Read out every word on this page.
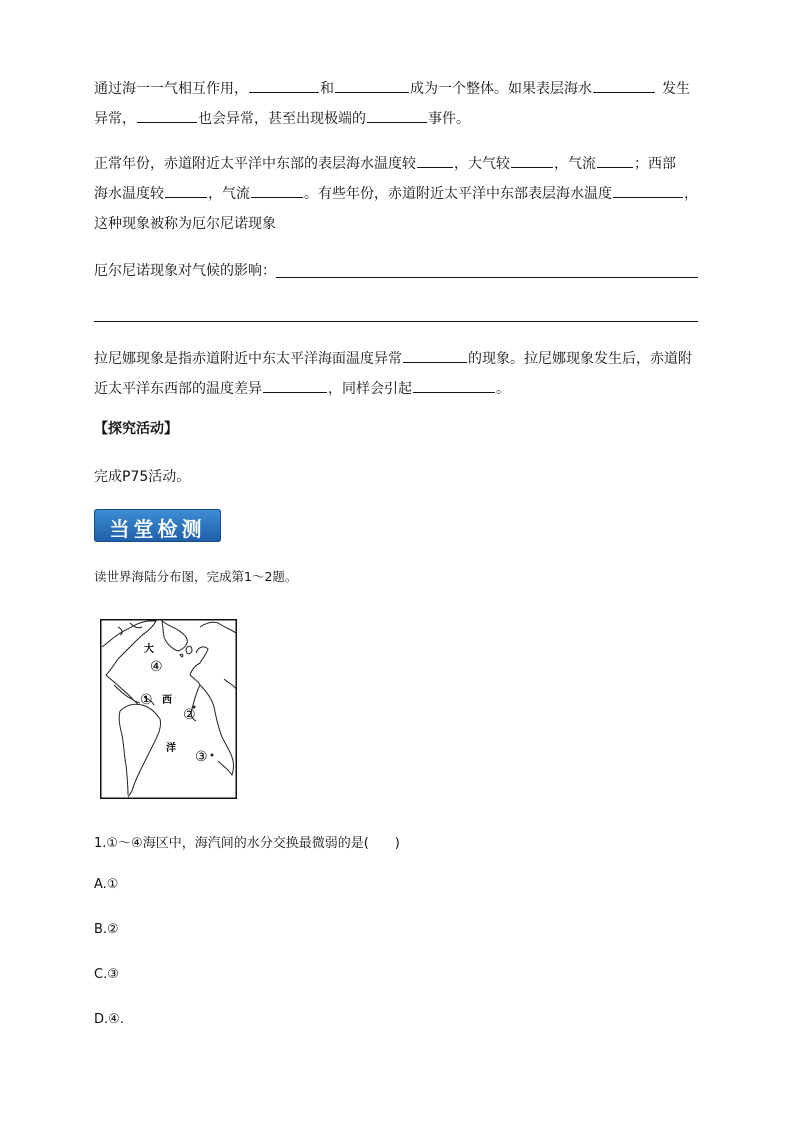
通过海一一气相互作用，	和	成为一个整体。如果表层海水	发生
异常，	也会异常，甚至出现极端的	事件。
正常年份，赤道附近太平洋中东部的表层海水温度较	，大气较	，气流	；西部
海水温度较	，气流	。有些年份，赤道附近太平洋中东部表层海水温度	，
这种现象被称为厄尔尼诺现象
厄尔尼诺现象对气候的影响：
拉尼娜现象是指赤道附近中东太平洋海面温度异常	的现象。拉尼娜现象发生后，赤道附
近太平洋东西部的温度差异	，同样会引起	。
【探究活动】
完成P75活动。
当堂检测
读世界海陆分布图，完成第1～2题。
大
④
① 西
②
洋
③
1.①～④海区中，海汽间的水分交换最微弱的是(　　)
A.①
B.②
C.③
D.④.
